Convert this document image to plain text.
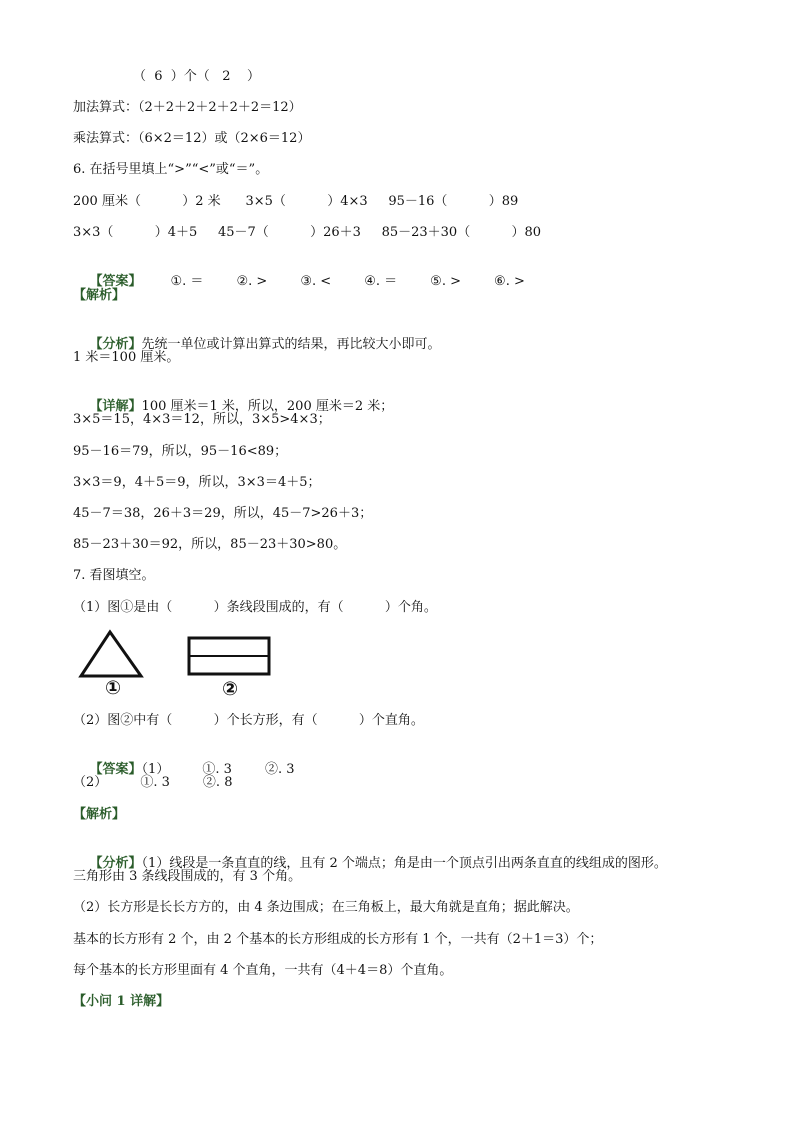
（  6  ）个（   2    ）
加法算式：（2＋2＋2＋2＋2＋2＝12）
乘法算式：（6×2＝12）或（2×6＝12）
6. 在括号里填上“>”“<”或“＝”。
200 厘米（          ）2 米      3×5（          ）4×3     95－16（          ）89
3×3（          ）4＋5     45－7（          ）26＋3     85－23＋30（          ）80

【答案】       ①. ＝        ②. >        ③. <        ④. ＝        ⑤. >        ⑥. >

【解析】

【分析】先统一单位或计算出算式的结果，再比较大小即可。

1 米＝100 厘米。

【详解】100 厘米＝1 米，所以，200 厘米＝2 米；

3×5＝15，4×3＝12，所以，3×5>4×3；
95－16＝79，所以，95－16<89；
3×3＝9，4＋5＝9，所以，3×3＝4＋5；
45－7＝38，26＋3＝29，所以，45－7>26＋3；
85－23＋30＝92，所以，85－23＋30>80。
7. 看图填空。
（1）图①是由（          ）条线段围成的，有（          ）个角。
①	②
（2）图②中有（          ）个长方形，有（          ）个直角。

【答案】（1）        ①. 3        ②. 3

（2）        ①. 3        ②. 8
【解析】

【分析】（1）线段是一条直直的线，且有 2 个端点；角是由一个顶点引出两条直直的线组成的图形。

三角形由 3 条线段围成的，有 3 个角。
（2）长方形是长长方方的，由 4 条边围成；在三角板上，最大角就是直角；据此解决。
基本的长方形有 2 个，由 2 个基本的长方形组成的长方形有 1 个，一共有（2＋1＝3）个；
每个基本的长方形里面有 4 个直角，一共有（4＋4＝8）个直角。
【小问 1 详解】
